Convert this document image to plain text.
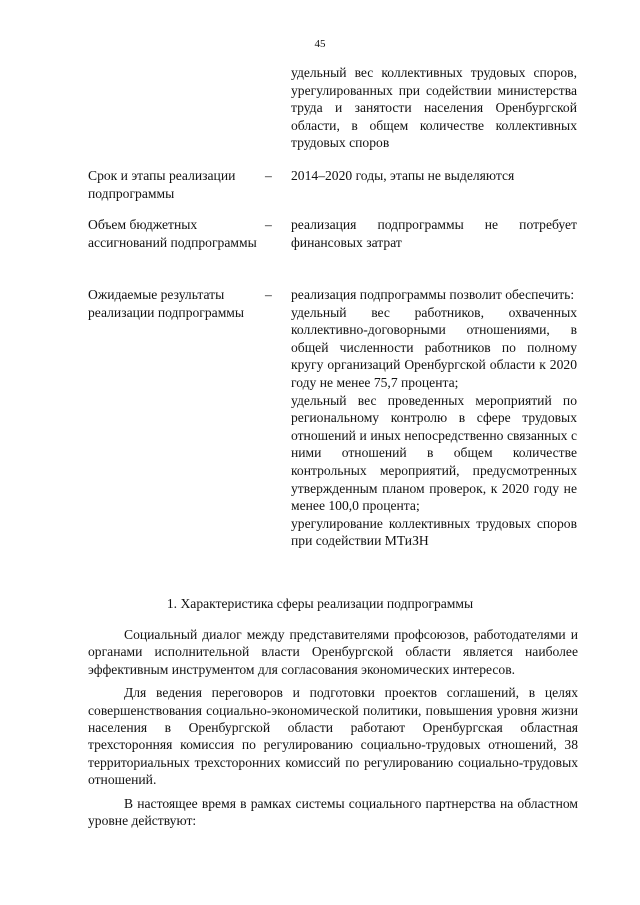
45

удельный вес коллективных трудовых споров, урегулированных при содействии министерства труда и занятости населения Оренбургской области, в общем количестве коллективных трудовых споров

Срок и этапы реализации подпрограммы
– 2014–2020 годы, этапы не выделяются

Объем бюджетных ассигнований подпрограммы
– реализация подпрограммы не потребует финансовых затрат

Ожидаемые результаты реализации подпрограммы
– реализация подпрограммы позволит обеспечить:

удельный вес работников, охваченных коллективно-договорными отношениями, в общей численности работников по полному кругу организаций Оренбургской области к 2020 году не менее 75,7 процента;

удельный вес проведенных мероприятий по региональному контролю в сфере трудовых отношений и иных непосредственно связанных с ними отношений в общем количестве контрольных мероприятий, предусмотренных утвержденным планом проверок, к 2020 году не менее 100,0 процента;

урегулирование коллективных трудовых споров при содействии МТиЗН

1. Характеристика сферы реализации подпрограммы

Социальный диалог между представителями профсоюзов, работодателями и органами исполнительной власти Оренбургской области является наиболее эффективным инструментом для согласования экономических интересов.

Для ведения переговоров и подготовки проектов соглашений, в целях совершенствования социально-экономической политики, повышения уровня жизни населения в Оренбургской области работают Оренбургская областная трехсторонняя комиссия по регулированию социально-трудовых отношений, 38 территориальных трехсторонних комиссий по регулированию социально-трудовых отношений.

В настоящее время в рамках системы социального партнерства на областном уровне действуют:
